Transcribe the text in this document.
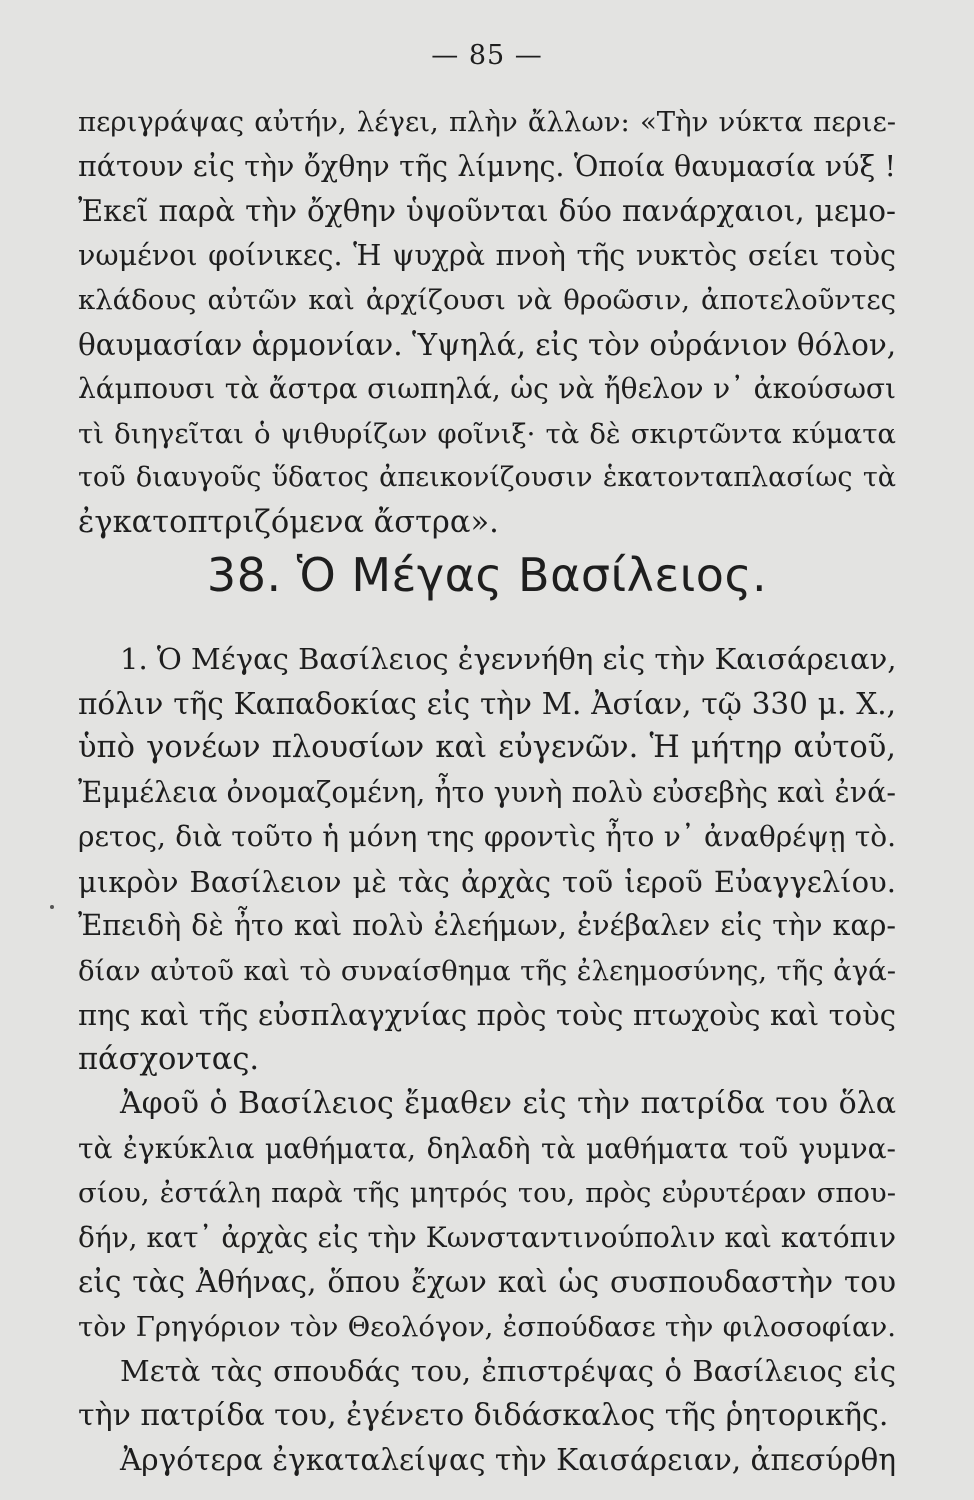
— 85 —
περιγράψας αὐτήν, λέγει, πλὴν ἄλλων: «Τὴν νύκτα περιε-
πάτουν εἰς τὴν ὄχθην τῆς λίμνης. Ὁποία θαυμασία νύξ !
Ἐκεῖ παρὰ τὴν ὄχθην ὑψοῦνται δύο πανάρχαιοι, μεμο-
νωμένοι φοίνικες. Ἡ ψυχρὰ πνοὴ τῆς νυκτὸς σείει τοὺς
κλάδους αὐτῶν καὶ ἀρχίζουσι νὰ θροῶσιν, ἀποτελοῦντες
θαυμασίαν ἁρμονίαν. Ὑψηλά, εἰς τὸν οὐράνιον θόλον,
λάμπουσι τὰ ἄστρα σιωπηλά, ὡς νὰ ἤθελον ν᾽ ἀκούσωσι
τὶ διηγεῖται ὁ ψιθυρίζων φοῖνιξ· τὰ δὲ σκιρτῶντα κύματα
τοῦ διαυγοῦς ὕδατος ἀπεικονίζουσιν ἑκατονταπλασίως τὰ
ἐγκατοπτριζόμενα ἄστρα».
38. Ὁ Μέγας Βασίλειος.
1. Ὁ Μέγας Βασίλειος ἐγεννήθη εἰς τὴν Καισάρειαν,
πόλιν τῆς Καπαδοκίας εἰς τὴν Μ. Ἀσίαν, τῷ 330 μ. Χ.,
ὑπὸ γονέων πλουσίων καὶ εὐγενῶν. Ἡ μήτηρ αὐτοῦ,
Ἐμμέλεια ὀνομαζομένη, ἦτο γυνὴ πολὺ εὐσεβὴς καὶ ἐνά-
ρετος, διὰ τοῦτο ἡ μόνη της φροντὶς ἦτο ν᾽ ἀναθρέψῃ τὸ.
μικρὸν Βασίλειον μὲ τὰς ἀρχὰς τοῦ ἱεροῦ Εὐαγγελίου.
Ἐπειδὴ δὲ ἦτο καὶ πολὺ ἐλεήμων, ἐνέβαλεν εἰς τὴν καρ-
δίαν αὐτοῦ καὶ τὸ συναίσθημα τῆς ἐλεημοσύνης, τῆς ἀγά-
πης καὶ τῆς εὐσπλαγχνίας πρὸς τοὺς πτωχοὺς καὶ τοὺς
πάσχοντας.
Ἀφοῦ ὁ Βασίλειος ἔμαθεν εἰς τὴν πατρίδα του ὅλα
τὰ ἐγκύκλια μαθήματα, δηλαδὴ τὰ μαθήματα τοῦ γυμνα-
σίου, ἐστάλη παρὰ τῆς μητρός του, πρὸς εὐρυτέραν σπου-
δήν, κατ᾽ ἀρχὰς εἰς τὴν Κωνσταντινούπολιν καὶ κατόπιν
εἰς τὰς Ἀθήνας, ὅπου ἔχων καὶ ὡς συσπουδαστὴν του
τὸν Γρηγόριον τὸν Θεολόγον, ἐσπούδασε τὴν φιλοσοφίαν.
Μετὰ τὰς σπουδάς του, ἐπιστρέψας ὁ Βασίλειος εἰς
τὴν πατρίδα του, ἐγένετο διδάσκαλος τῆς ῥητορικῆς.
Ἀργότερα ἐγκαταλείψας τὴν Καισάρειαν, ἀπεσύρθη
